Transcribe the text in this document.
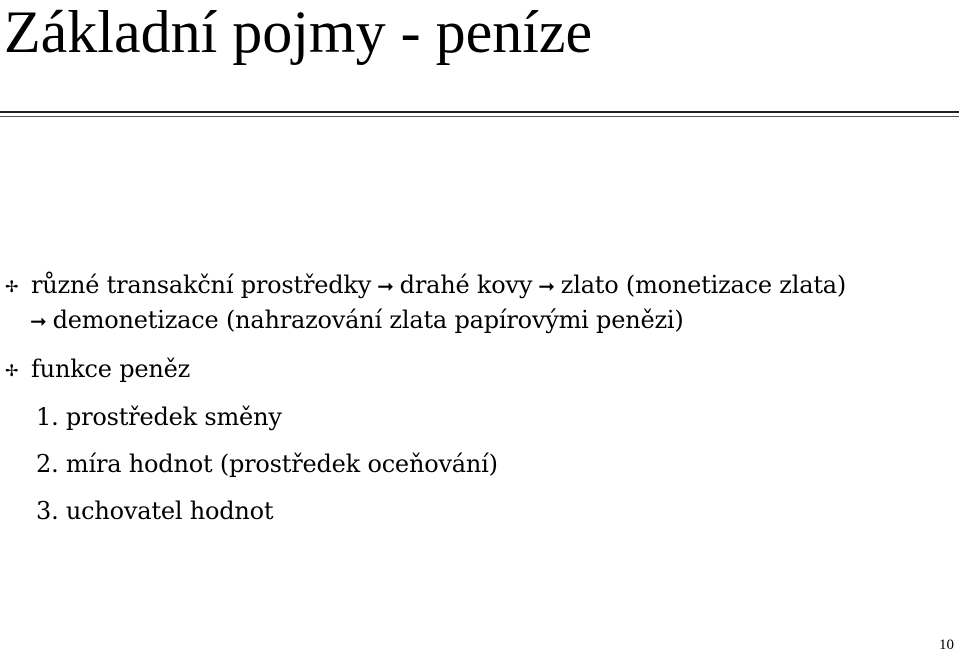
Základní pojmy - peníze
✢ různé transakční prostředky ➞ drahé kovy ➞ zlato (monetizace zlata)
➞ demonetizace (nahrazování zlata papírovými penězi)
✢ funkce peněz
1. prostředek směny
2. míra hodnot (prostředek oceňování)
3. uchovatel hodnot
10
